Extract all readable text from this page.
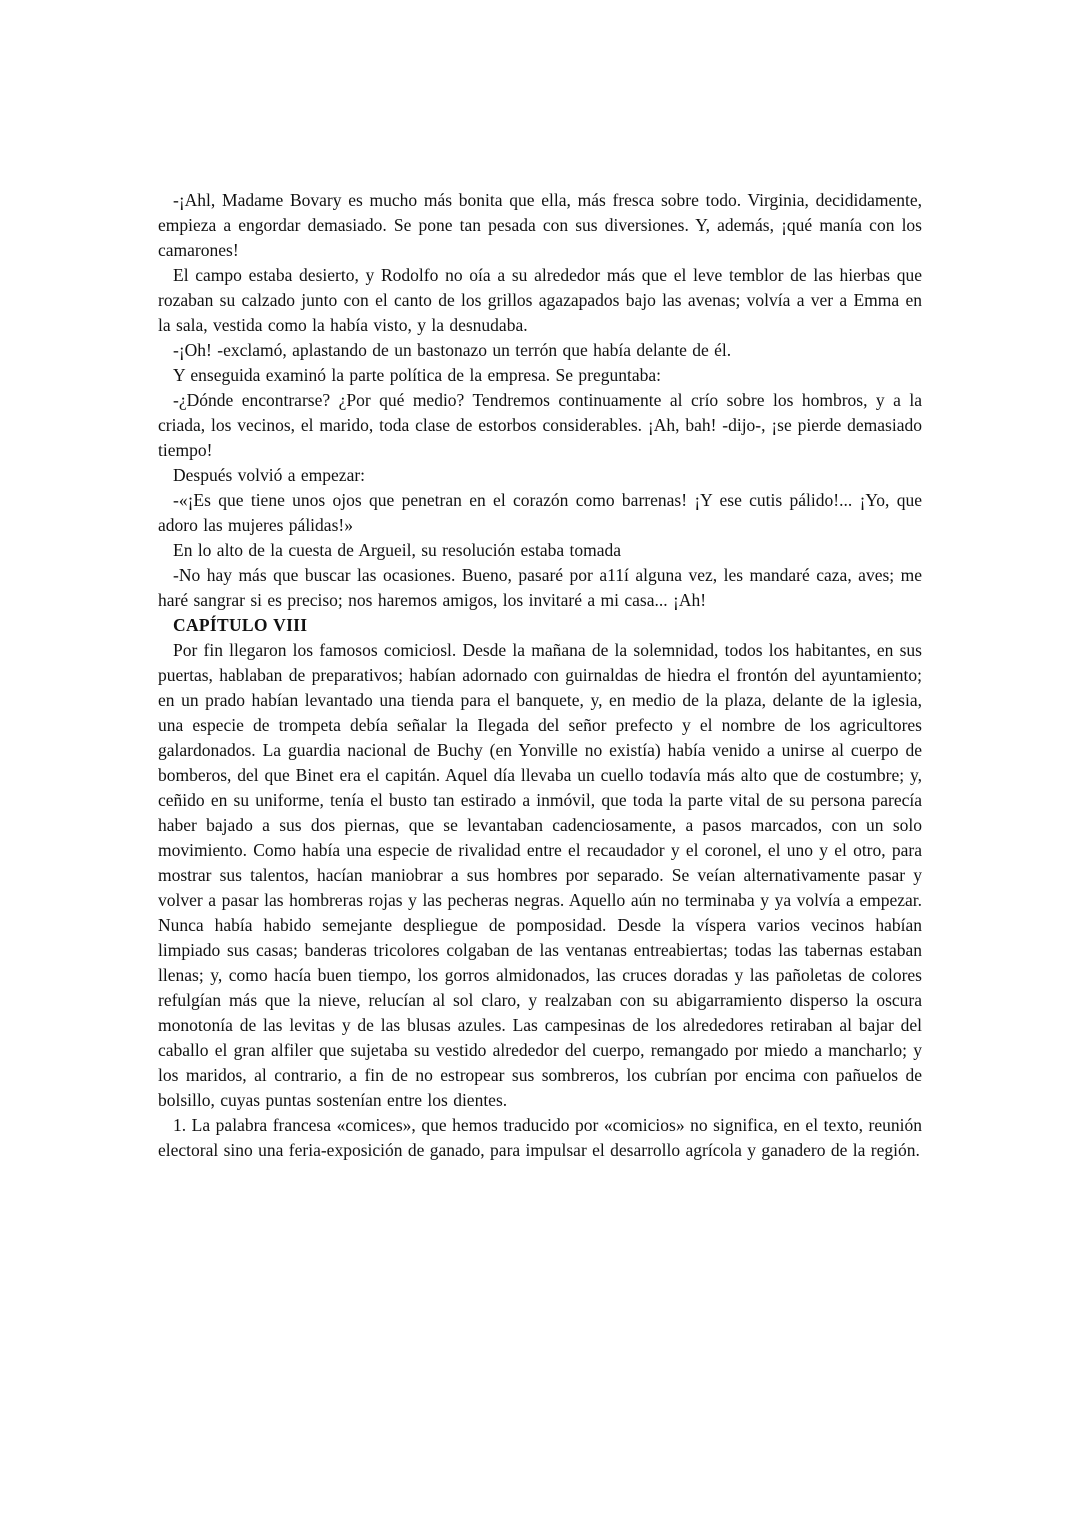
-¡Ahl, Madame Bovary es mucho más bonita que ella, más fresca sobre todo. Virginia, decididamente, empieza a engordar demasiado. Se pone tan pesada con sus diversiones. Y, además, ¡qué manía con los camarones!

El campo estaba desierto, y Rodolfo no oía a su alrededor más que el leve temblor de las hierbas que rozaban su calzado junto con el canto de los grillos agazapados bajo las avenas; volvía a ver a Emma en la sala, vestida como la había visto, y la desnudaba.

-¡Oh! -exclamó, aplastando de un bastonazo un terrón que había delante de él.

Y enseguida examinó la parte política de la empresa. Se preguntaba:

-¿Dónde encontrarse? ¿Por qué medio? Tendremos continuamente al crío sobre los hombros, y a la criada, los vecinos, el marido, toda clase de estorbos considerables. ¡Ah, bah! -dijo-, ¡se pierde demasiado tiempo!

Después volvió a empezar:

-«¡Es que tiene unos ojos que penetran en el corazón como barrenas! ¡Y ese cutis pálido!... ¡Yo, que adoro las mujeres pálidas!»

En lo alto de la cuesta de Argueil, su resolución estaba tomada

-No hay más que buscar las ocasiones. Bueno, pasaré por a11í alguna vez, les mandaré caza, aves; me haré sangrar si es preciso; nos haremos amigos, los invitaré a mi casa... ¡Ah!

CAPÍTULO VIII

Por fin llegaron los famosos comiciosl. Desde la mañana de la solemnidad, todos los habitantes, en sus puertas, hablaban de preparativos; habían adornado con guirnaldas de hiedra el frontón del ayuntamiento; en un prado habían levantado una tienda para el banquete, y, en medio de la plaza, delante de la iglesia, una especie de trompeta debía señalar la Ilegada del señor prefecto y el nombre de los agricultores galardonados. La guardia nacional de Buchy (en Yonville no existía) había venido a unirse al cuerpo de bomberos, del que Binet era el capitán. Aquel día llevaba un cuello todavía más alto que de costumbre; y, ceñido en su uniforme, tenía el busto tan estirado a inmóvil, que toda la parte vital de su persona parecía haber bajado a sus dos piernas, que se levantaban cadenciosamente, a pasos marcados, con un solo movimiento. Como había una especie de rivalidad entre el recaudador y el coronel, el uno y el otro, para mostrar sus talentos, hacían maniobrar a sus hombres por separado. Se veían alternativamente pasar y volver a pasar las hombreras rojas y las pecheras negras. Aquello aún no terminaba y ya volvía a empezar. Nunca había habido semejante despliegue de pomposidad. Desde la víspera varios vecinos habían limpiado sus casas; banderas tricolores colgaban de las ventanas entreabiertas; todas las tabernas estaban llenas; y, como hacía buen tiempo, los gorros almidonados, las cruces doradas y las pañoletas de colores refulgían más que la nieve, relucían al sol claro, y realzaban con su abigarramiento disperso la oscura monotonía de las levitas y de las blusas azules. Las campesinas de los alrededores retiraban al bajar del caballo el gran alfiler que sujetaba su vestido alrededor del cuerpo, remangado por miedo a mancharlo; y los maridos, al contrario, a fin de no estropear sus sombreros, los cubrían por encima con pañuelos de bolsillo, cuyas puntas sostenían entre los dientes.

1. La palabra francesa «comices», que hemos traducido por «comicios» no significa, en el texto, reunión electoral sino una feria-exposición de ganado, para impulsar el desarrollo agrícola y ganadero de la región.
